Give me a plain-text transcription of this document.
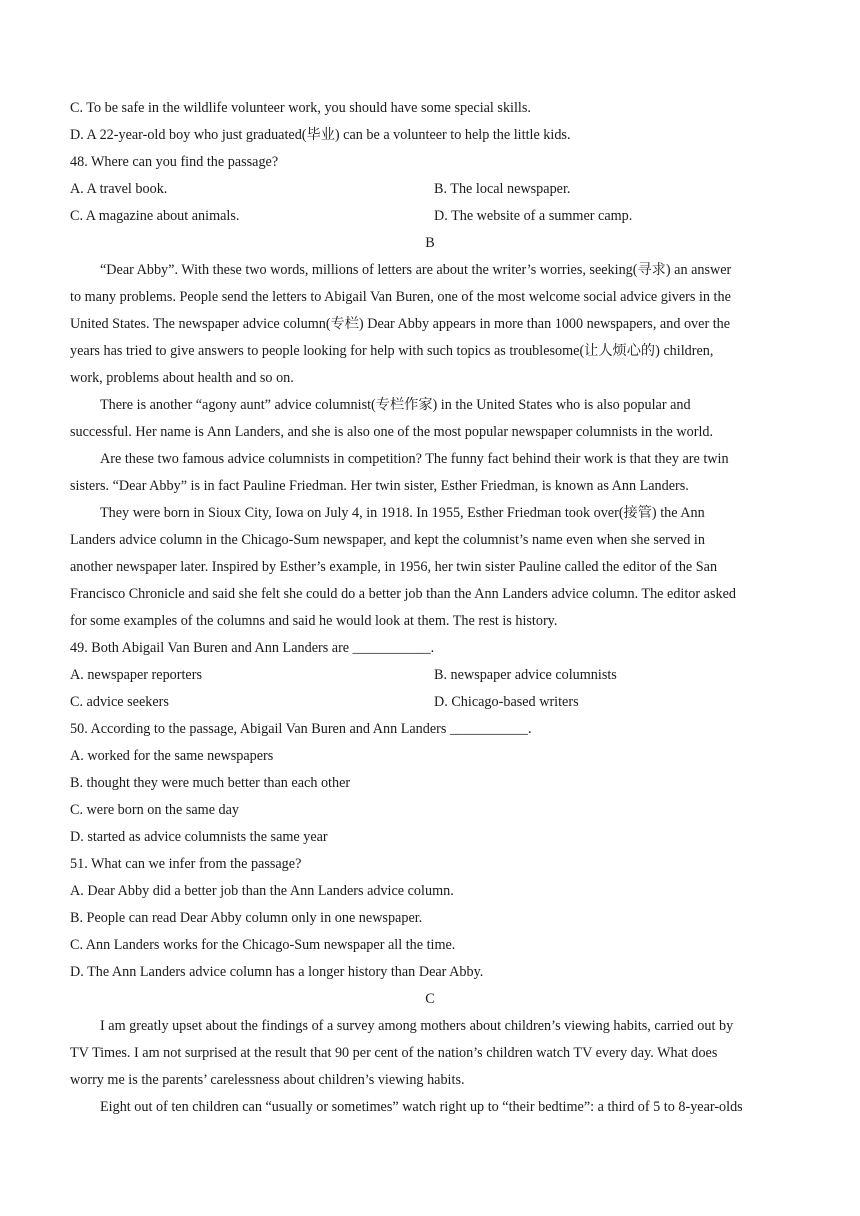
C. To be safe in the wildlife volunteer work, you should have some special skills.
D. A 22-year-old boy who just graduated(毕业) can be a volunteer to help the little kids.
48. Where can you find the passage?
A. A travel book.	B. The local newspaper.
C. A magazine about animals.	D. The website of a summer camp.
B
“Dear Abby”. With these two words, millions of letters are about the writer’s worries, seeking(寻求) an answer
to many problems. People send the letters to Abigail Van Buren, one of the most welcome social advice givers in the
United States. The newspaper advice column(专栏) Dear Abby appears in more than 1000 newspapers, and over the
years has tried to give answers to people looking for help with such topics as troublesome(让人烦心的) children,
work, problems about health and so on.
There is another “agony aunt” advice columnist(专栏作家) in the United States who is also popular and
successful. Her name is Ann Landers, and she is also one of the most popular newspaper columnists in the world.
Are these two famous advice columnists in competition? The funny fact behind their work is that they are twin
sisters. “Dear Abby” is in fact Pauline Friedman. Her twin sister, Esther Friedman, is known as Ann Landers.
They were born in Sioux City, Iowa on July 4, in 1918. In 1955, Esther Friedman took over(接管) the Ann
Landers advice column in the Chicago-Sum newspaper, and kept the columnist’s name even when she served in
another newspaper later. Inspired by Esther’s example, in 1956, her twin sister Pauline called the editor of the San
Francisco Chronicle and said she felt she could do a better job than the Ann Landers advice column. The editor asked
for some examples of the columns and said he would look at them. The rest is history.
49. Both Abigail Van Buren and Ann Landers are ___________.
A. newspaper reporters	B. newspaper advice columnists
C. advice seekers	D. Chicago-based writers
50. According to the passage, Abigail Van Buren and Ann Landers ___________.
A. worked for the same newspapers
B. thought they were much better than each other
C. were born on the same day
D. started as advice columnists the same year
51. What can we infer from the passage?
A. Dear Abby did a better job than the Ann Landers advice column.
B. People can read Dear Abby column only in one newspaper.
C. Ann Landers works for the Chicago-Sum newspaper all the time.
D. The Ann Landers advice column has a longer history than Dear Abby.
C
I am greatly upset about the findings of a survey among mothers about children’s viewing habits, carried out by
TV Times. I am not surprised at the result that 90 per cent of the nation’s children watch TV every day. What does
worry me is the parents’ carelessness about children’s viewing habits.
Eight out of ten children can “usually or sometimes” watch right up to “their bedtime”: a third of 5 to 8-year-olds
